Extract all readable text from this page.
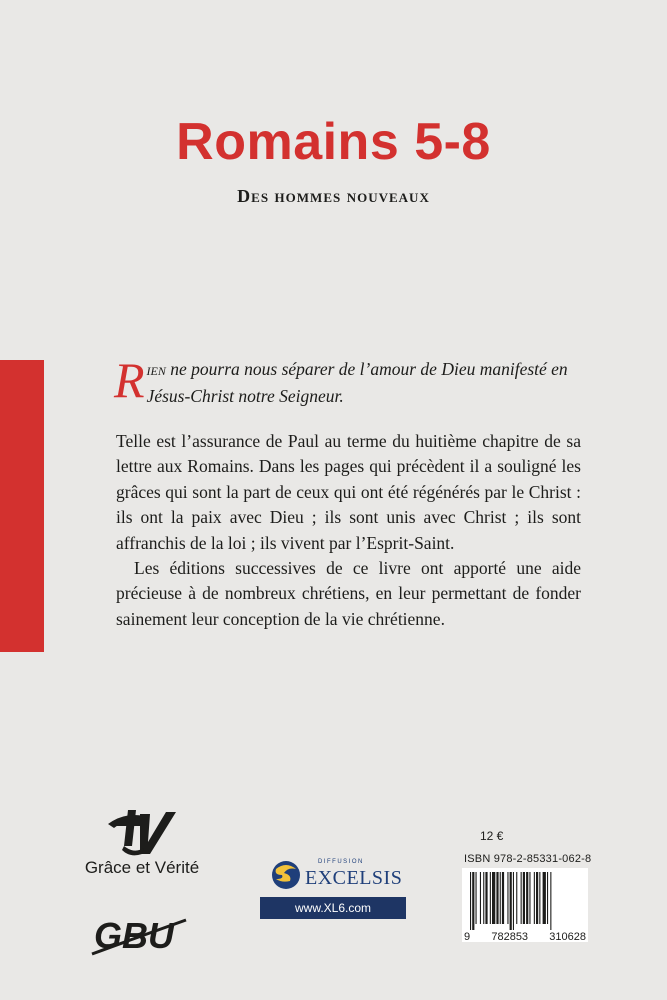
Romains 5-8
Des hommes nouveaux
Rien ne pourra nous séparer de l’amour de Dieu manifesté en Jésus-Christ notre Seigneur.

Telle est l’assurance de Paul au terme du huitième chapitre de sa lettre aux Romains. Dans les pages qui précèdent il a souligné les grâces qui sont la part de ceux qui ont été régénérés par le Christ : ils ont la paix avec Dieu ; ils sont unis avec Christ ; ils sont affranchis de la loi ; ils vivent par l’Esprit-Saint.

Les éditions successives de ce livre ont apporté une aide précieuse à de nombreux chrétiens, en leur permettant de fonder sainement leur conception de la vie chrétienne.

Grâce et Vérité
GBU
DIFFUSION
EXCELSIS
www.XL6.com
12 €
ISBN 978-2-85331-062-8
9 782853 310628
